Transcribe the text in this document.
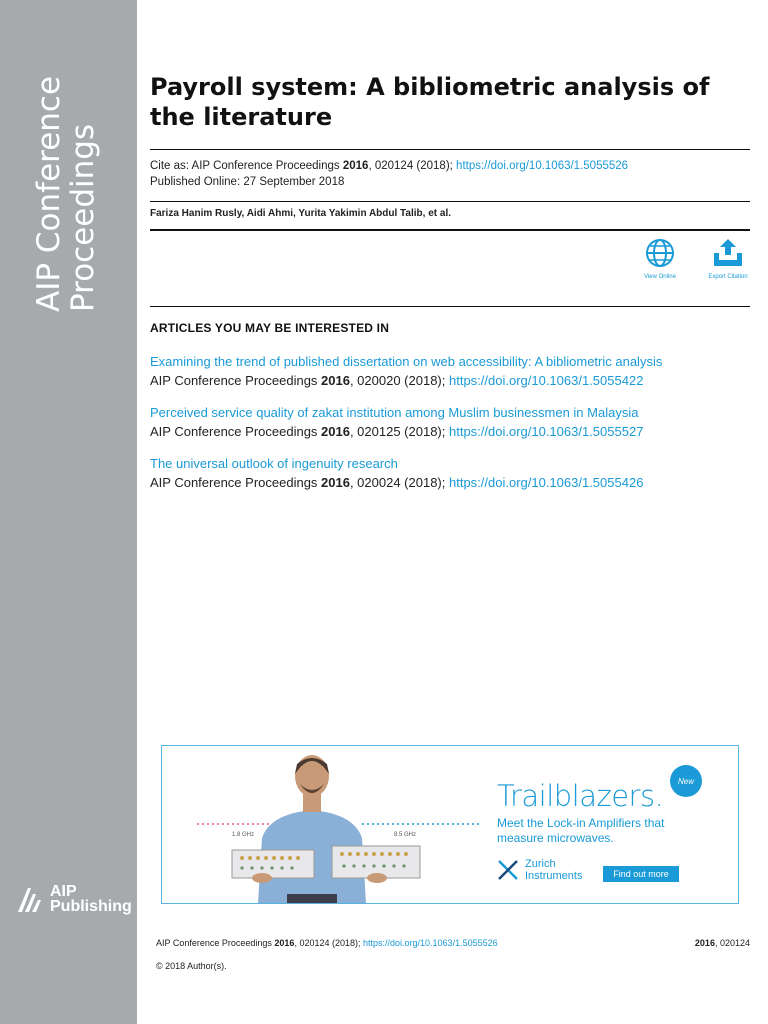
AIP Conference
Proceedings
AIP
Publishing
Payroll system: A bibliometric analysis of the literature
Cite as: AIP Conference Proceedings 2016, 020124 (2018); https://doi.org/10.1063/1.5055526
Published Online: 27 September 2018
Fariza Hanim Rusly, Aidi Ahmi, Yurita Yakimin Abdul Talib, et al.
View Online	Export Citation
ARTICLES YOU MAY BE INTERESTED IN
Examining the trend of published dissertation on web accessibility: A bibliometric analysis
AIP Conference Proceedings 2016, 020020 (2018); https://doi.org/10.1063/1.5055422
Perceived service quality of zakat institution among Muslim businessmen in Malaysia
AIP Conference Proceedings 2016, 020125 (2018); https://doi.org/10.1063/1.5055527
The universal outlook of ingenuity research
AIP Conference Proceedings 2016, 020024 (2018); https://doi.org/10.1063/1.5055426
1.8 GHz	8.5 GHz
New
Trailblazers.
Meet the Lock-in Amplifiers that measure microwaves.
Zurich
Instruments	Find out more
AIP Conference Proceedings 2016, 020124 (2018); https://doi.org/10.1063/1.5055526	2016, 020124
© 2018 Author(s).
